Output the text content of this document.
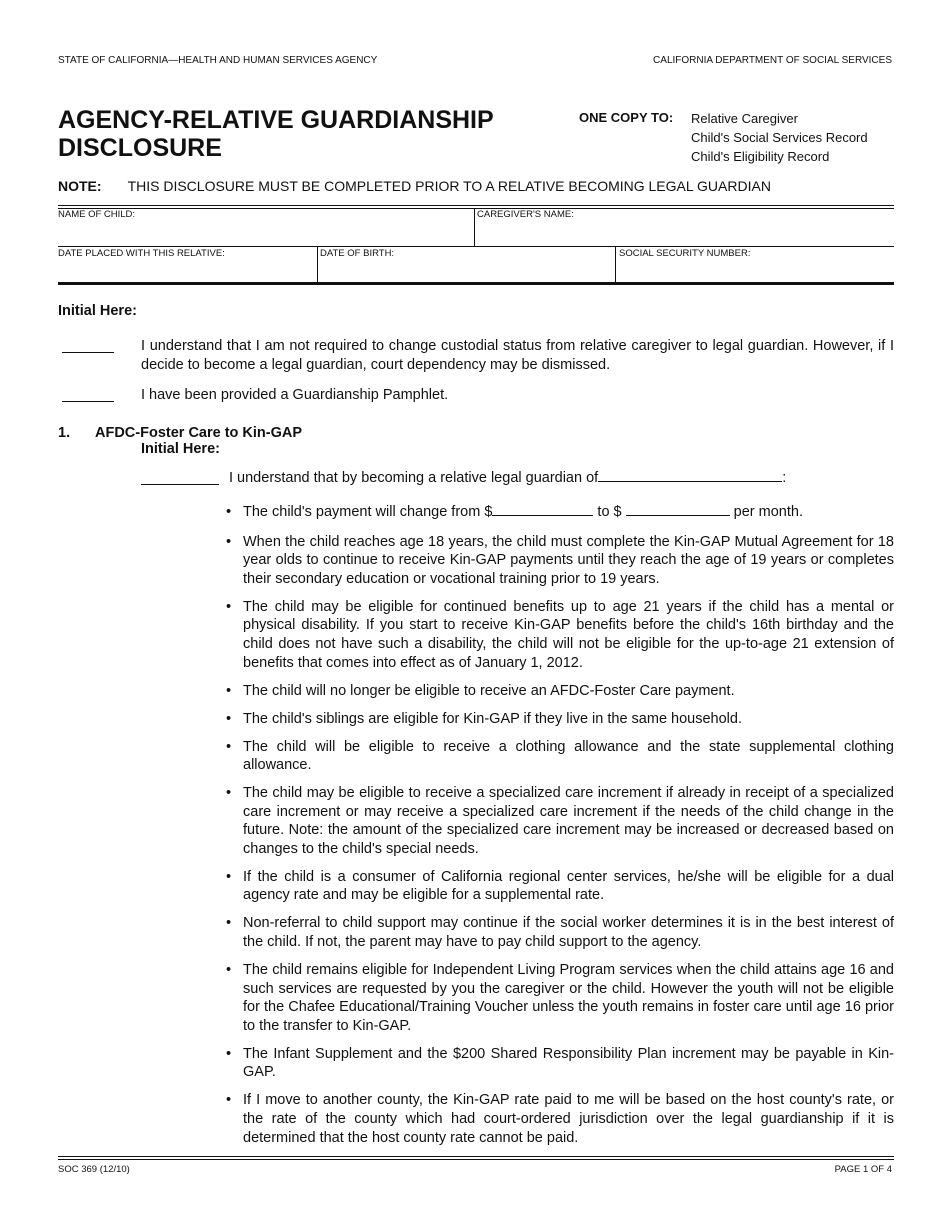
STATE OF CALIFORNIA—HEALTH AND HUMAN SERVICES AGENCY	CALIFORNIA DEPARTMENT OF SOCIAL SERVICES
AGENCY-RELATIVE GUARDIANSHIP
DISCLOSURE
ONE COPY TO: Relative Caregiver
Child's Social Services Record
Child's Eligibility Record
NOTE: THIS DISCLOSURE MUST BE COMPLETED PRIOR TO A RELATIVE BECOMING LEGAL GUARDIAN
NAME OF CHILD:	CAREGIVER'S NAME:
DATE PLACED WITH THIS RELATIVE:	DATE OF BIRTH:	SOCIAL SECURITY NUMBER:
Initial Here:
I understand that I am not required to change custodial status from relative caregiver to legal guardian. However, if I decide to become a legal guardian, court dependency may be dismissed.
I have been provided a Guardianship Pamphlet.
1. AFDC-Foster Care to Kin-GAP
Initial Here:
I understand that by becoming a relative legal guardian of	:
• The child's payment will change from $	to $	per month.
• When the child reaches age 18 years, the child must complete the Kin-GAP Mutual Agreement for 18 year olds to continue to receive Kin-GAP payments until they reach the age of 19 years or completes their secondary education or vocational training prior to 19 years.
• The child may be eligible for continued benefits up to age 21 years if the child has a mental or physical disability. If you start to receive Kin-GAP benefits before the child's 16th birthday and the child does not have such a disability, the child will not be eligible for the up-to-age 21 extension of benefits that comes into effect as of January 1, 2012.
• The child will no longer be eligible to receive an AFDC-Foster Care payment.
• The child's siblings are eligible for Kin-GAP if they live in the same household.
• The child will be eligible to receive a clothing allowance and the state supplemental clothing allowance.
• The child may be eligible to receive a specialized care increment if already in receipt of a specialized care increment or may receive a specialized care increment if the needs of the child change in the future. Note: the amount of the specialized care increment may be increased or decreased based on changes to the child's special needs.
• If the child is a consumer of California regional center services, he/she will be eligible for a dual agency rate and may be eligible for a supplemental rate.
• Non-referral to child support may continue if the social worker determines it is in the best interest of the child. If not, the parent may have to pay child support to the agency.
• The child remains eligible for Independent Living Program services when the child attains age 16 and such services are requested by you the caregiver or the child. However the youth will not be eligible for the Chafee Educational/Training Voucher unless the youth remains in foster care until age 16 prior to the transfer to Kin-GAP.
• The Infant Supplement and the $200 Shared Responsibility Plan increment may be payable in Kin-GAP.
• If I move to another county, the Kin-GAP rate paid to me will be based on the host county's rate, or the rate of the county which had court-ordered jurisdiction over the legal guardianship if it is determined that the host county rate cannot be paid.
SOC 369 (12/10)	PAGE 1 OF 4
